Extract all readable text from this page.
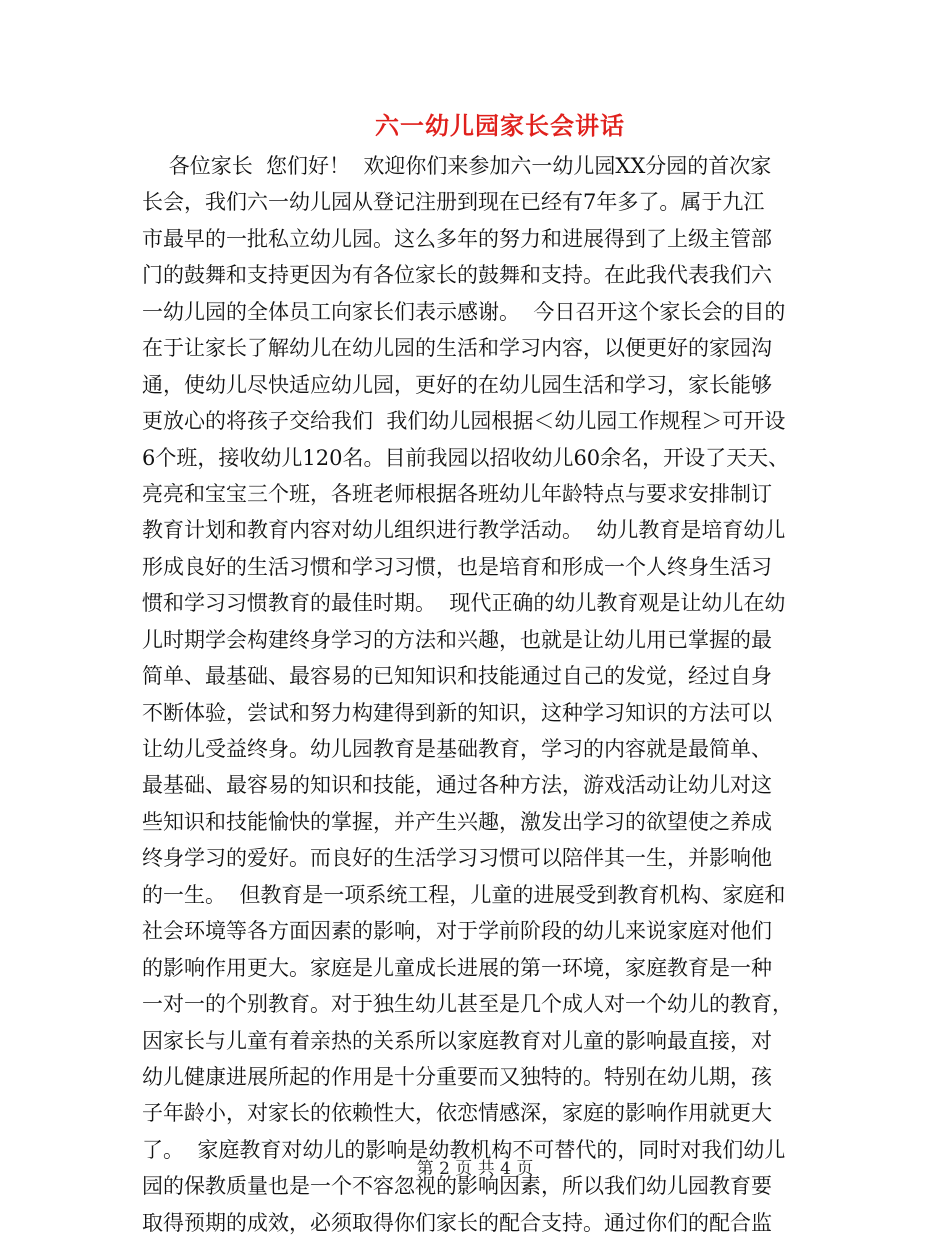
六一幼儿园家长会讲话
各位家长  您们好！  欢迎你们来参加六一幼儿园XX分园的首次家
长会，我们六一幼儿园从登记注册到现在已经有7年多了。属于九江
市最早的一批私立幼儿园。这么多年的努力和进展得到了上级主管部
门的鼓舞和支持更因为有各位家长的鼓舞和支持。在此我代表我们六
一幼儿园的全体员工向家长们表示感谢。  今日召开这个家长会的目的
在于让家长了解幼儿在幼儿园的生活和学习内容，以便更好的家园沟
通，使幼儿尽快适应幼儿园，更好的在幼儿园生活和学习，家长能够
更放心的将孩子交给我们  我们幼儿园根据＜幼儿园工作规程＞可开设
6个班，接收幼儿120名。目前我园以招收幼儿60余名，开设了天天、
亮亮和宝宝三个班，各班老师根据各班幼儿年龄特点与要求安排制订
教育计划和教育内容对幼儿组织进行教学活动。  幼儿教育是培育幼儿
形成良好的生活习惯和学习习惯，也是培育和形成一个人终身生活习
惯和学习习惯教育的最佳时期。  现代正确的幼儿教育观是让幼儿在幼
儿时期学会构建终身学习的方法和兴趣，也就是让幼儿用已掌握的最
简单、最基础、最容易的已知知识和技能通过自己的发觉，经过自身
不断体验，尝试和努力构建得到新的知识，这种学习知识的方法可以
让幼儿受益终身。幼儿园教育是基础教育，学习的内容就是最简单、
最基础、最容易的知识和技能，通过各种方法，游戏活动让幼儿对这
些知识和技能愉快的掌握，并产生兴趣，激发出学习的欲望使之养成
终身学习的爱好。而良好的生活学习习惯可以陪伴其一生，并影响他
的一生。  但教育是一项系统工程，儿童的进展受到教育机构、家庭和
社会环境等各方面因素的影响，对于学前阶段的幼儿来说家庭对他们
的影响作用更大。家庭是儿童成长进展的第一环境，家庭教育是一种
一对一的个别教育。对于独生幼儿甚至是几个成人对一个幼儿的教育，
因家长与儿童有着亲热的关系所以家庭教育对儿童的影响最直接，对
幼儿健康进展所起的作用是十分重要而又独特的。特别在幼儿期，孩
子年龄小，对家长的依赖性大，依恋情感深，家庭的影响作用就更大
了。  家庭教育对幼儿的影响是幼教机构不可替代的，同时对我们幼儿
园的保教质量也是一个不容忽视的影响因素，所以我们幼儿园教育要
取得预期的成效，必须取得你们家长的配合支持。通过你们的配合监
第 2 页 共 4 页
